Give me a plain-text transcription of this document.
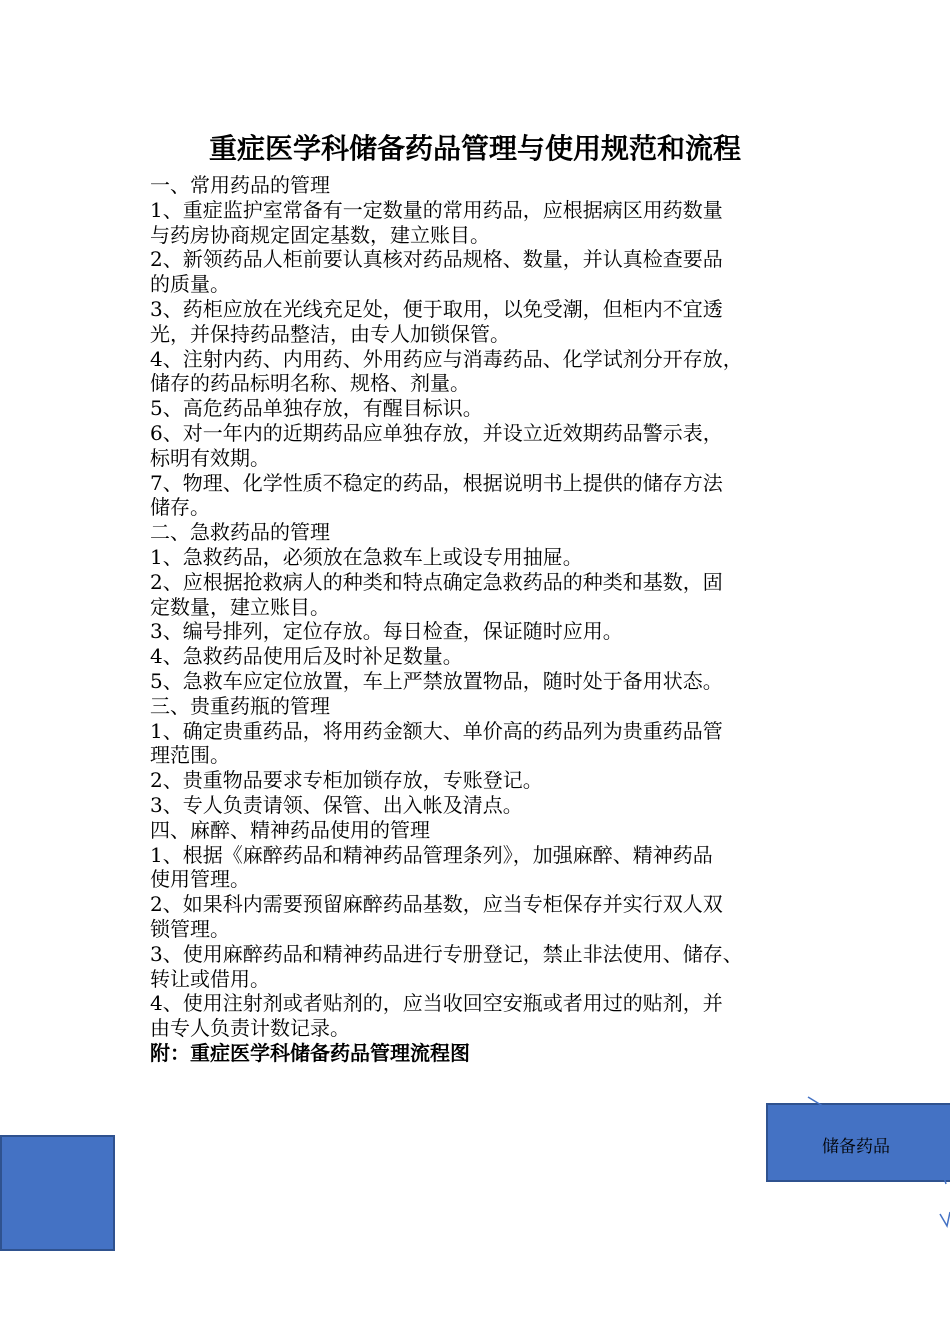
重症医学科储备药品管理与使用规范和流程
一、常用药品的管理
1、重症监护室常备有一定数量的常用药品，应根据病区用药数量
与药房协商规定固定基数，建立账目。
2、新领药品人柜前要认真核对药品规格、数量，并认真检查要品
的质量。
3、药柜应放在光线充足处，便于取用，以免受潮，但柜内不宜透
光，并保持药品整洁，由专人加锁保管。
4、注射内药、内用药、外用药应与消毒药品、化学试剂分开存放，
储存的药品标明名称、规格、剂量。
5、高危药品单独存放，有醒目标识。
6、对一年内的近期药品应单独存放，并设立近效期药品警示表，
标明有效期。
7、物理、化学性质不稳定的药品，根据说明书上提供的储存方法
储存。
二、急救药品的管理
1、急救药品，必须放在急救车上或设专用抽屉。
2、应根据抢救病人的种类和特点确定急救药品的种类和基数，固
定数量，建立账目。
3、编号排列，定位存放。每日检查，保证随时应用。
4、急救药品使用后及时补足数量。
5、急救车应定位放置，车上严禁放置物品，随时处于备用状态。
三、贵重药瓶的管理
1、确定贵重药品，将用药金额大、单价高的药品列为贵重药品管
理范围。
2、贵重物品要求专柜加锁存放，专账登记。
3、专人负责请领、保管、出入帐及清点。
四、麻醉、精神药品使用的管理
1、根据《麻醉药品和精神药品管理条列》，加强麻醉、精神药品
使用管理。
2、如果科内需要预留麻醉药品基数，应当专柜保存并实行双人双
锁管理。
3、使用麻醉药品和精神药品进行专册登记，禁止非法使用、储存、
转让或借用。
4、使用注射剂或者贴剂的，应当收回空安瓶或者用过的贴剂，并
由专人负责计数记录。
附：重症医学科储备药品管理流程图
储备药品
